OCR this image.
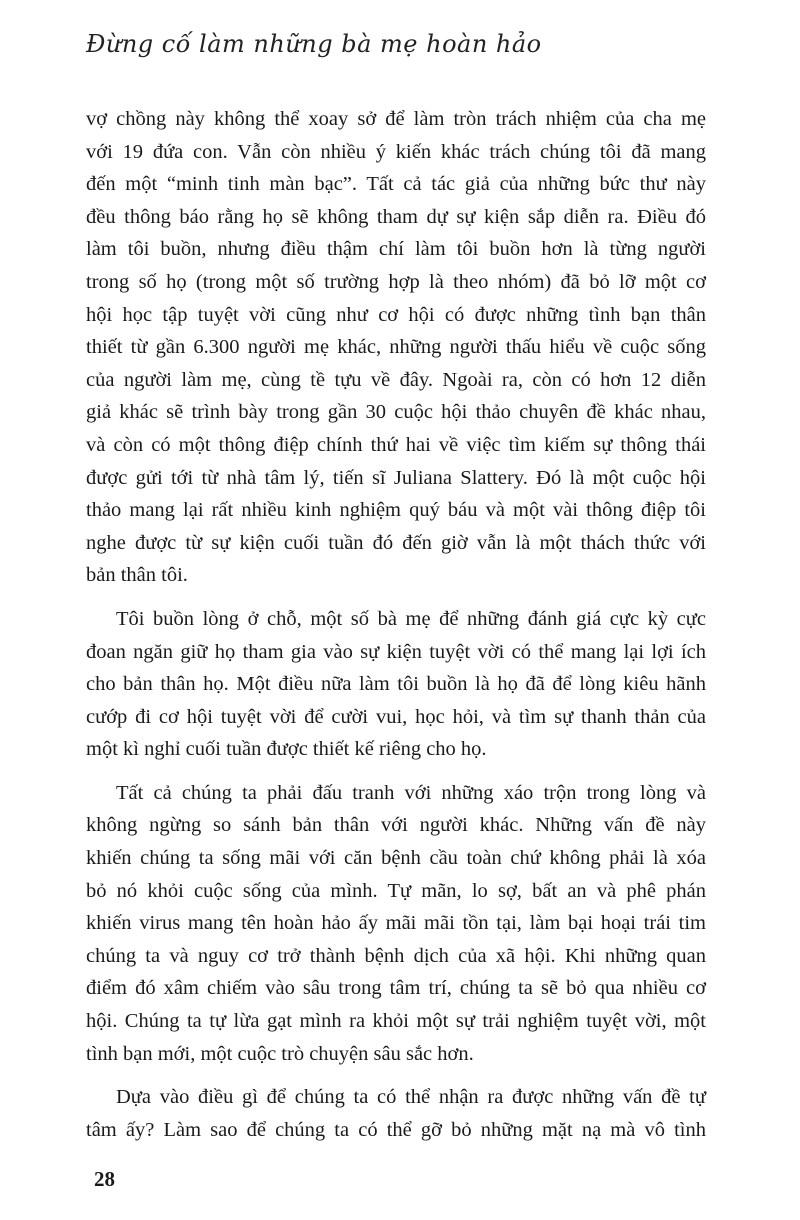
Đừng cố làm những bà mẹ hoàn hảo
vợ chồng này không thể xoay sở để làm tròn trách nhiệm của cha mẹ
với 19 đứa con. Vẫn còn nhiều ý kiến khác trách chúng tôi đã mang
đến một “minh tinh màn bạc”. Tất cả tác giả của những bức thư này
đều thông báo rằng họ sẽ không tham dự sự kiện sắp diễn ra. Điều đó
làm tôi buồn, nhưng điều thậm chí làm tôi buồn hơn là từng người
trong số họ (trong một số trường hợp là theo nhóm) đã bỏ lỡ một cơ
hội học tập tuyệt vời cũng như cơ hội có được những tình bạn thân
thiết từ gần 6.300 người mẹ khác, những người thấu hiểu về cuộc sống
của người làm mẹ, cùng tề tựu về đây. Ngoài ra, còn có hơn 12 diễn
giả khác sẽ trình bày trong gần 30 cuộc hội thảo chuyên đề khác nhau,
và còn có một thông điệp chính thứ hai về việc tìm kiếm sự thông thái
được gửi tới từ nhà tâm lý, tiến sĩ Juliana Slattery. Đó là một cuộc hội
thảo mang lại rất nhiều kinh nghiệm quý báu và một vài thông điệp tôi
nghe được từ sự kiện cuối tuần đó đến giờ vẫn là một thách thức với
bản thân tôi.
Tôi buồn lòng ở chỗ, một số bà mẹ để những đánh giá cực kỳ cực
đoan ngăn giữ họ tham gia vào sự kiện tuyệt vời có thể mang lại lợi ích
cho bản thân họ. Một điều nữa làm tôi buồn là họ đã để lòng kiêu hãnh
cướp đi cơ hội tuyệt vời để cười vui, học hỏi, và tìm sự thanh thản của
một kì nghỉ cuối tuần được thiết kế riêng cho họ.
Tất cả chúng ta phải đấu tranh với những xáo trộn trong lòng và
không ngừng so sánh bản thân với người khác. Những vấn đề này
khiến chúng ta sống mãi với căn bệnh cầu toàn chứ không phải là xóa
bỏ nó khỏi cuộc sống của mình. Tự mãn, lo sợ, bất an và phê phán
khiến virus mang tên hoàn hảo ấy mãi mãi tồn tại, làm bại hoại trái tim
chúng ta và nguy cơ trở thành bệnh dịch của xã hội. Khi những quan
điểm đó xâm chiếm vào sâu trong tâm trí, chúng ta sẽ bỏ qua nhiều cơ
hội. Chúng ta tự lừa gạt mình ra khỏi một sự trải nghiệm tuyệt vời, một
tình bạn mới, một cuộc trò chuyện sâu sắc hơn.
Dựa vào điều gì để chúng ta có thể nhận ra được những vấn đề tự
tâm ấy? Làm sao để chúng ta có thể gỡ bỏ những mặt nạ mà vô tình
28
